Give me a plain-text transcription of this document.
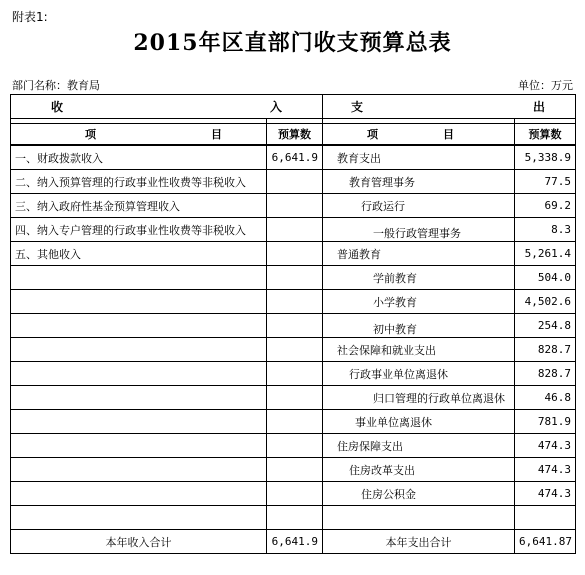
附表1:
2015年区直部门收支预算总表
部门名称：教育局	单位：万元
收 入		支 出	

项 目	预算数	项 目	预算数
一、财政拨款收入	6,641.9	教育支出	5,338.9
二、纳入预算管理的行政事业性收费等非税收入		教育管理事务	77.5
三、纳入政府性基金预算管理收入		行政运行	69.2
四、纳入专户管理的行政事业性收费等非税收入		一般行政管理事务	8.3
五、其他收入		普通教育	5,261.4
		学前教育	504.0
		小学教育	4,502.6
		初中教育	254.8
		社会保障和就业支出	828.7
		行政事业单位离退休	828.7
		归口管理的行政单位离退休	46.8
		事业单位离退休	781.9
		住房保障支出	474.3
		住房改革支出	474.3
		住房公积金	474.3

本年收入合计	6,641.9	本年支出合计	6,641.87
